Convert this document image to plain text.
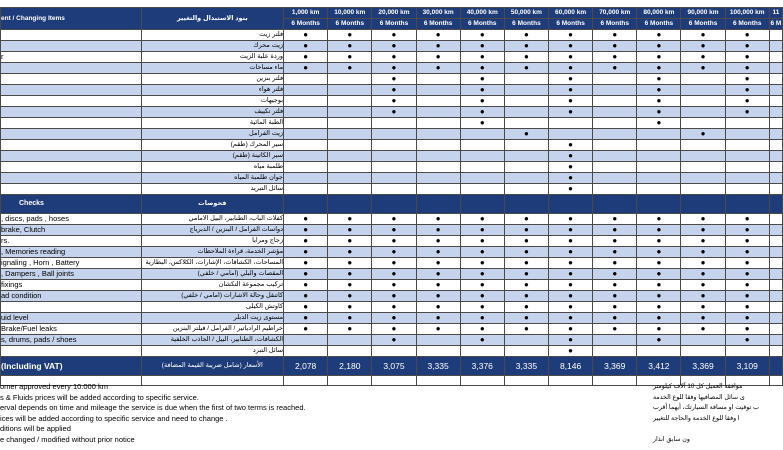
ent / Changing Items	بنود الاستبدال والتغيير	1,000 km	10,000 km	20,000 km	30,000 km	40,000 km	50,000 km	60,000 km	70,000 km	80,000 km	90,000 km	100,000 km	11
		6 Months	6 Months	6 Months	6 Months	6 Months	6 Months	6 Months	6 Months	6 Months	6 Months	6 Months	6 M
	فلتر زيت	●	●	●	●	●	●	●	●	●	●	●	
	زيت محرك	●	●	●	●	●	●	●	●	●	●	●	
r	وردة علبة الزيت	●	●	●	●	●	●	●	●	●	●	●	
	ماء مساحات	●	●	●	●	●	●	●	●	●	●	●	
	فلتر بنزين			●		●		●		●		●	
	فلتر هواء			●		●		●		●		●	
	بوجيهات			●		●		●		●		●	
	فلتر تكييف			●		●		●		●		●	
	الطبة المائية					●				●			
	زيت الفرامل						●				●		
	سير المحرك (طقم)							●					
	سير الكاتينة (طقم)							●					
	طلمبة مياه							●					
	جوان طلمبة المياه							●					
	سائل التبريد							●					
Checks	فحوصات												
, discs, pads , hoses	كفلات الباب، الطنابير، البيل الامامي	●	●	●	●	●	●	●	●	●	●	●	
brake, Clutch	دواسات الفرامل / البنزين / الدبرياج	●	●	●	●	●	●	●	●	●	●	●	
rs.	زجاج ومرايا	●	●	●	●	●	●	●	●	●	●	●	
, Memories reading	مؤشر الخدمة، قراءة الملاحظات	●	●	●	●	●	●	●	●	●	●	●	
ignaling , Horn , Battery	المساحات، الكشافات، الإشارات، الكلاكس، البطارية	●	●	●	●	●	●	●	●	●	●	●	
, Dampers , Ball joints	المقصات والبلي (امامي / خلفي)	●	●	●	●	●	●	●	●	●	●	●	
fixings	تركيب مجموعة التكشان	●	●	●	●	●	●	●	●	●	●	●	
ad condition	كاتنقل وحالة الاشارات (امامي / خلفي)	●	●	●	●	●	●	●	●	●	●	●	
	كاوتش الكيلى	●	●	●	●	●	●	●	●	●	●	●	
uid level	مستوى زيت الدبلر	●	●	●	●	●	●	●	●	●	●	●	
Brake/Fuel leaks	خراطيم الرادياتير / الفرامل / فيلتر البنزين	●	●	●	●	●	●	●	●	●	●	●	
s, drums, pads / shoes	الكشافات، الطنابير، البيل / الجاذب الخلفية			●		●		●		●		●	
	سائل التبرد							●					
(Including VAT)	الأسعار (شامل ضريبة القيمة المضافة)	2,078	2,180	3,075	3,335	3,376	3,335	8,146	3,369	3,412	3,369	3,109	

omer approved every 10.000 km
s & Fluids prices will be added according to specific service.
erval depends on time and mileage the service is due when the first of two terms is reached.
ices will be added according to specific service and need to change .
ditions will be applied
e changed / modified without prior notice
موافقة العميل كل 10 آلاف كيلومتر
ى سائل المصافيها وفقا للوع الخدمة
ب توقيت او مسافة السيارتك، أيهما أقرب
ا وفقا للوع الخدمة والحاجة للتغيير

ون سابق انذار
